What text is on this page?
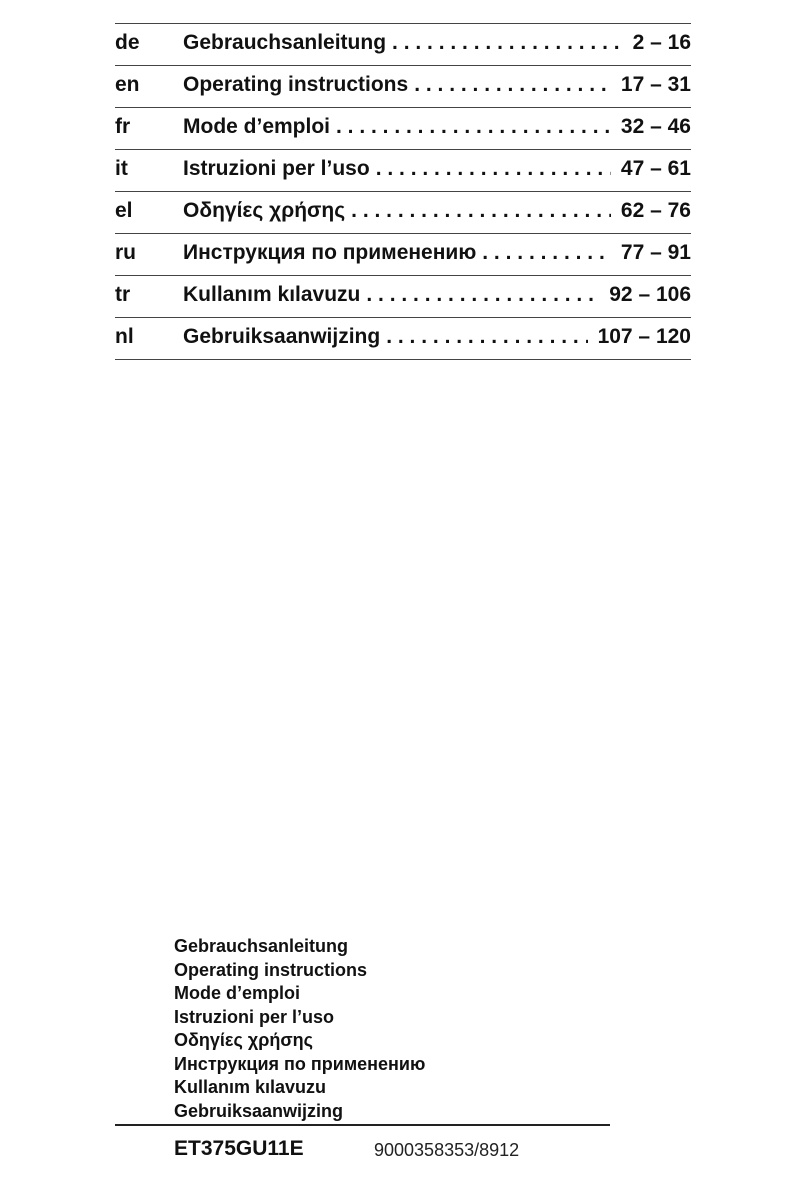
de	Gebrauchsanleitung . . .	2 – 16
en	Operating instructions . . .	17 – 31
fr	Mode d’emploi . . .	32 – 46
it	Istruzioni per l’uso . . .	47 – 61
el	Οδηγίες χρήσης . . .	62 – 76
ru	Инструкция по применению . . .	77 – 91
tr	Kullanım kılavuzu . . .	92 – 106
nl	Gebruiksaanwijzing . . .	107 – 120
Gebrauchsanleitung
Operating instructions
Mode d’emploi
Istruzioni per l’uso
Οδηγίες χρήσης
Инструкция по применению
Kullanım kılavuzu
Gebruiksaanwijzing
ET375GU11E	9000358353/8912
